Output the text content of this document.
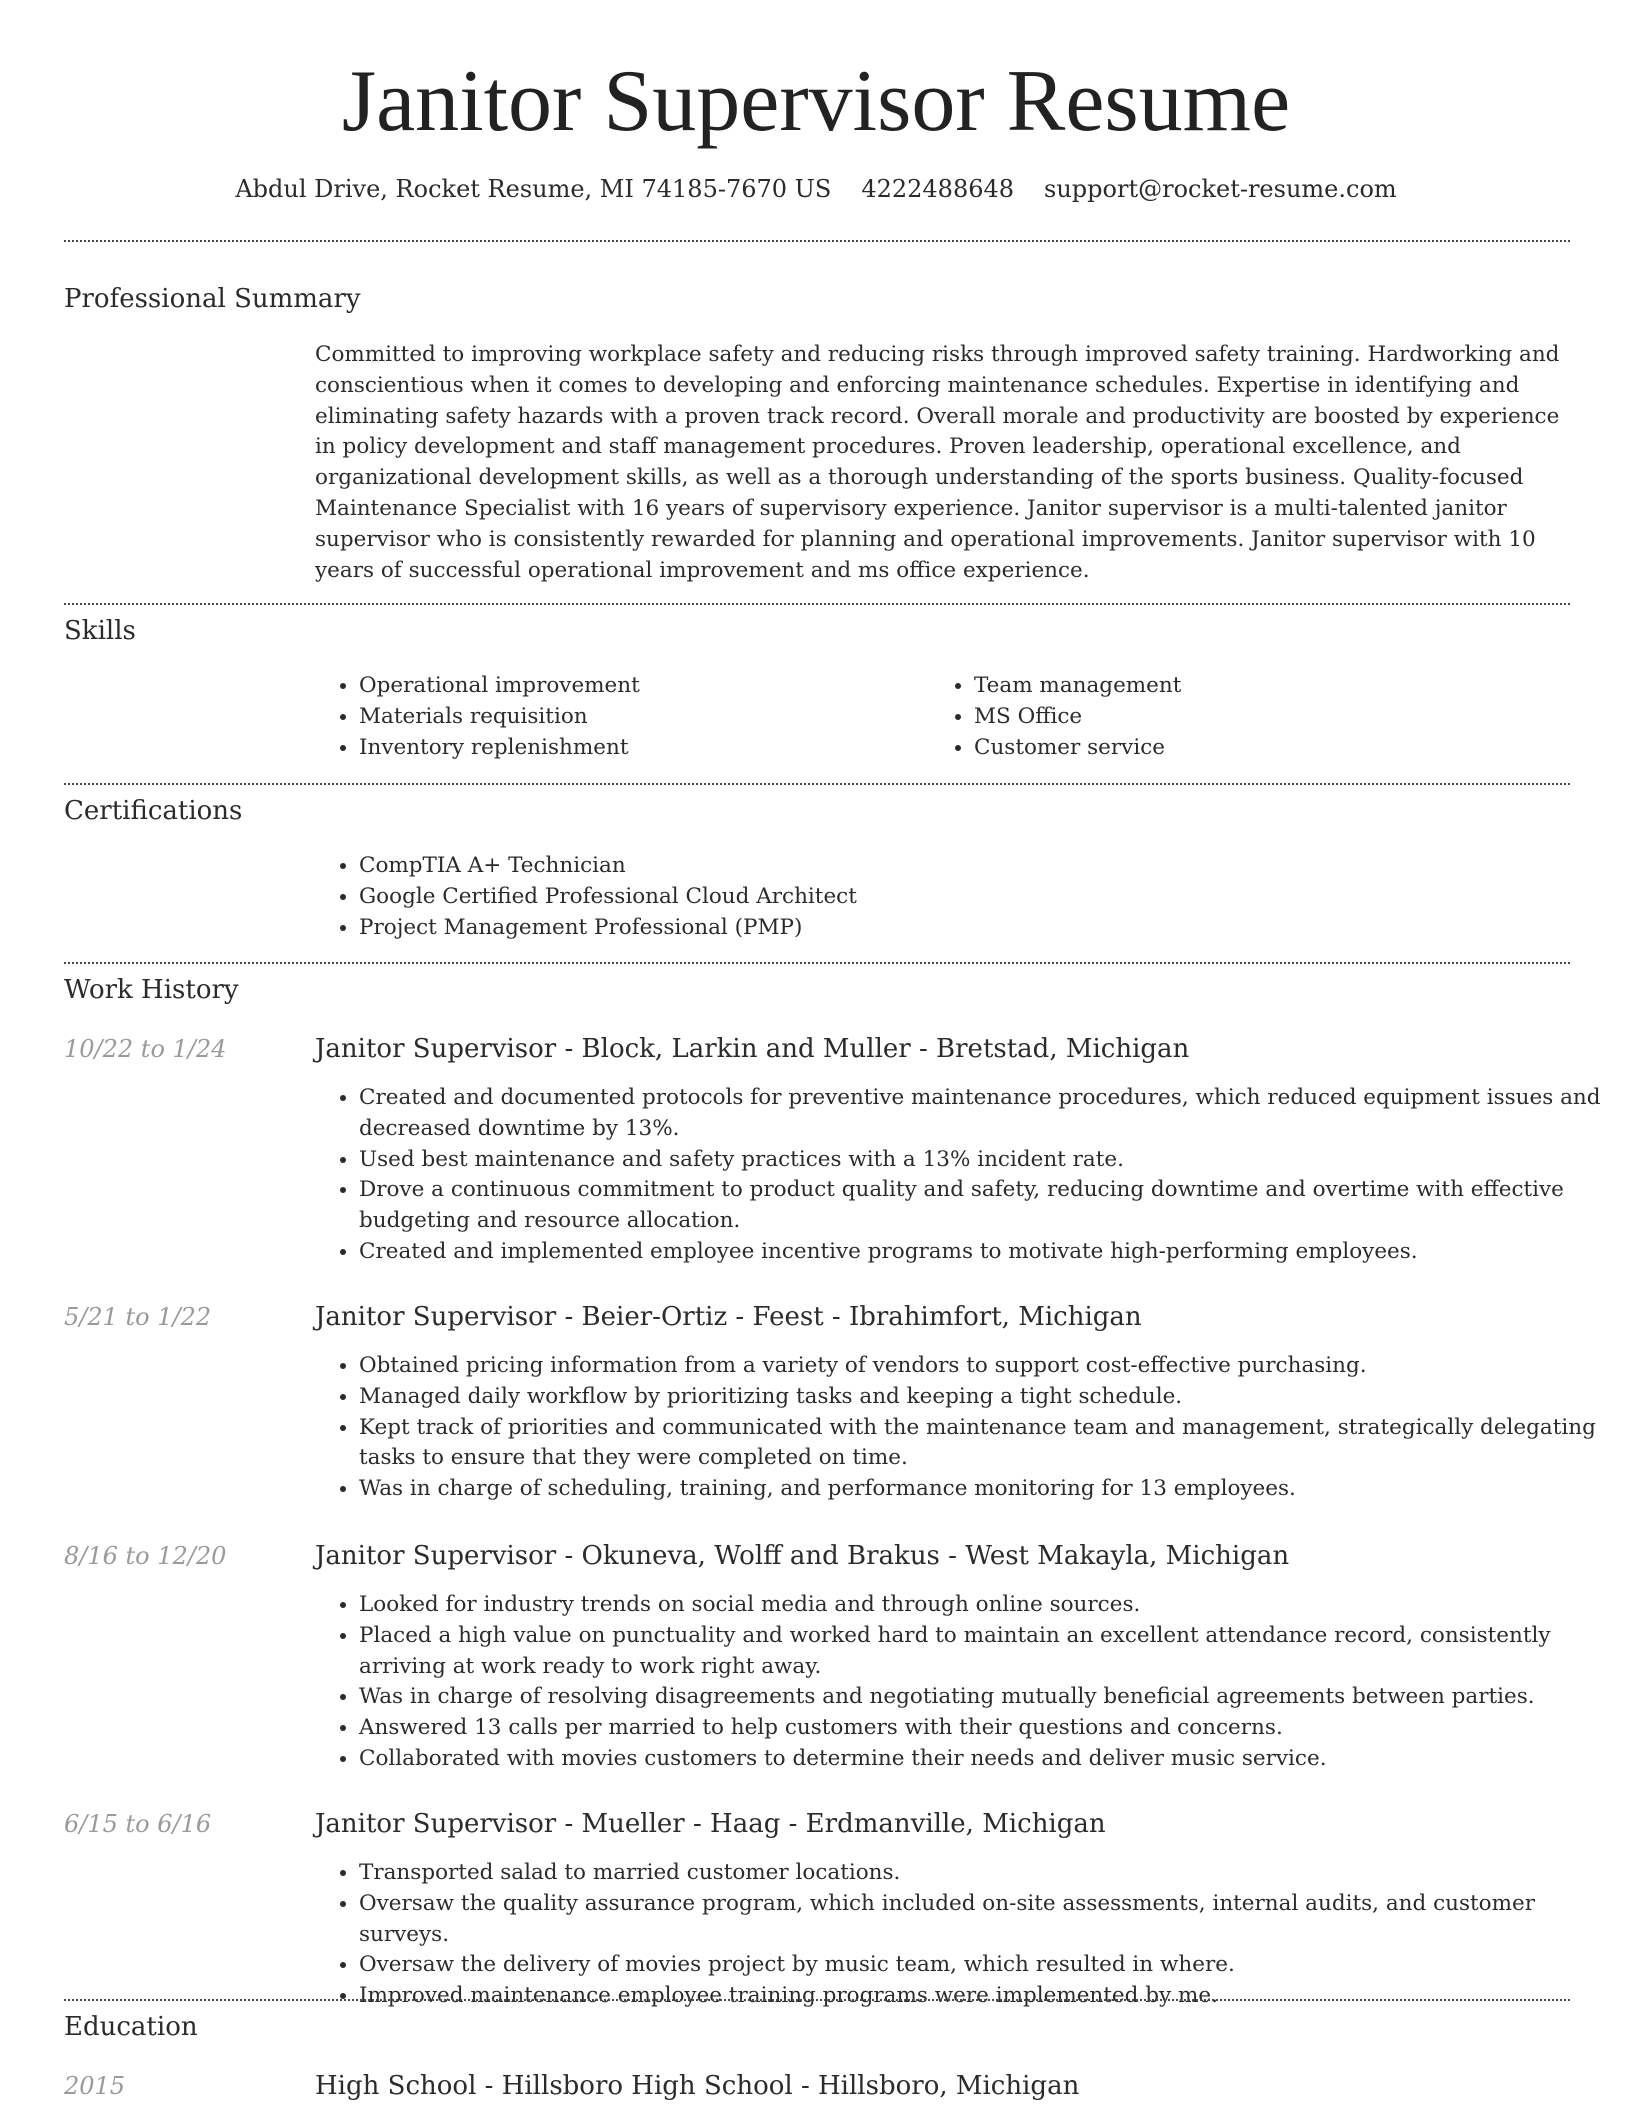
Janitor Supervisor Resume
Abdul Drive, Rocket Resume, MI 74185-7670 US 4222488648 support@rocket-resume.com
Professional Summary

Committed to improving workplace safety and reducing risks through improved safety training. Hardworking and conscientious when it comes to developing and enforcing maintenance schedules. Expertise in identifying and eliminating safety hazards with a proven track record. Overall morale and productivity are boosted by experience in policy development and staff management procedures. Proven leadership, operational excellence, and organizational development skills, as well as a thorough understanding of the sports business. Quality-focused Maintenance Specialist with 16 years of supervisory experience. Janitor supervisor is a multi-talented janitor supervisor who is consistently rewarded for planning and operational improvements. Janitor supervisor with 10 years of successful operational improvement and ms office experience.

Skills
• Operational improvement
• Materials requisition
• Inventory replenishment
• Team management
• MS Office
• Customer service
Certifications
• CompTIA A+ Technician
• Google Certified Professional Cloud Architect
• Project Management Professional (PMP)
Work History
10/22 to 1/24	Janitor Supervisor - Block, Larkin and Muller - Bretstad, Michigan
• Created and documented protocols for preventive maintenance procedures, which reduced equipment issues and decreased downtime by 13%.
• Used best maintenance and safety practices with a 13% incident rate.
• Drove a continuous commitment to product quality and safety, reducing downtime and overtime with effective budgeting and resource allocation.
• Created and implemented employee incentive programs to motivate high-performing employees.
5/21 to 1/22	Janitor Supervisor - Beier-Ortiz - Feest - Ibrahimfort, Michigan
• Obtained pricing information from a variety of vendors to support cost-effective purchasing.
• Managed daily workflow by prioritizing tasks and keeping a tight schedule.
• Kept track of priorities and communicated with the maintenance team and management, strategically delegating tasks to ensure that they were completed on time.
• Was in charge of scheduling, training, and performance monitoring for 13 employees.
8/16 to 12/20	Janitor Supervisor - Okuneva, Wolff and Brakus - West Makayla, Michigan
• Looked for industry trends on social media and through online sources.
• Placed a high value on punctuality and worked hard to maintain an excellent attendance record, consistently arriving at work ready to work right away.
• Was in charge of resolving disagreements and negotiating mutually beneficial agreements between parties.
• Answered 13 calls per married to help customers with their questions and concerns.
• Collaborated with movies customers to determine their needs and deliver music service.
6/15 to 6/16	Janitor Supervisor - Mueller - Haag - Erdmanville, Michigan
• Transported salad to married customer locations.
• Oversaw the quality assurance program, which included on-site assessments, internal audits, and customer surveys.
• Oversaw the delivery of movies project by music team, which resulted in where.
• Improved maintenance employee training programs were implemented by me.
Education
2015	High School - Hillsboro High School - Hillsboro, Michigan
